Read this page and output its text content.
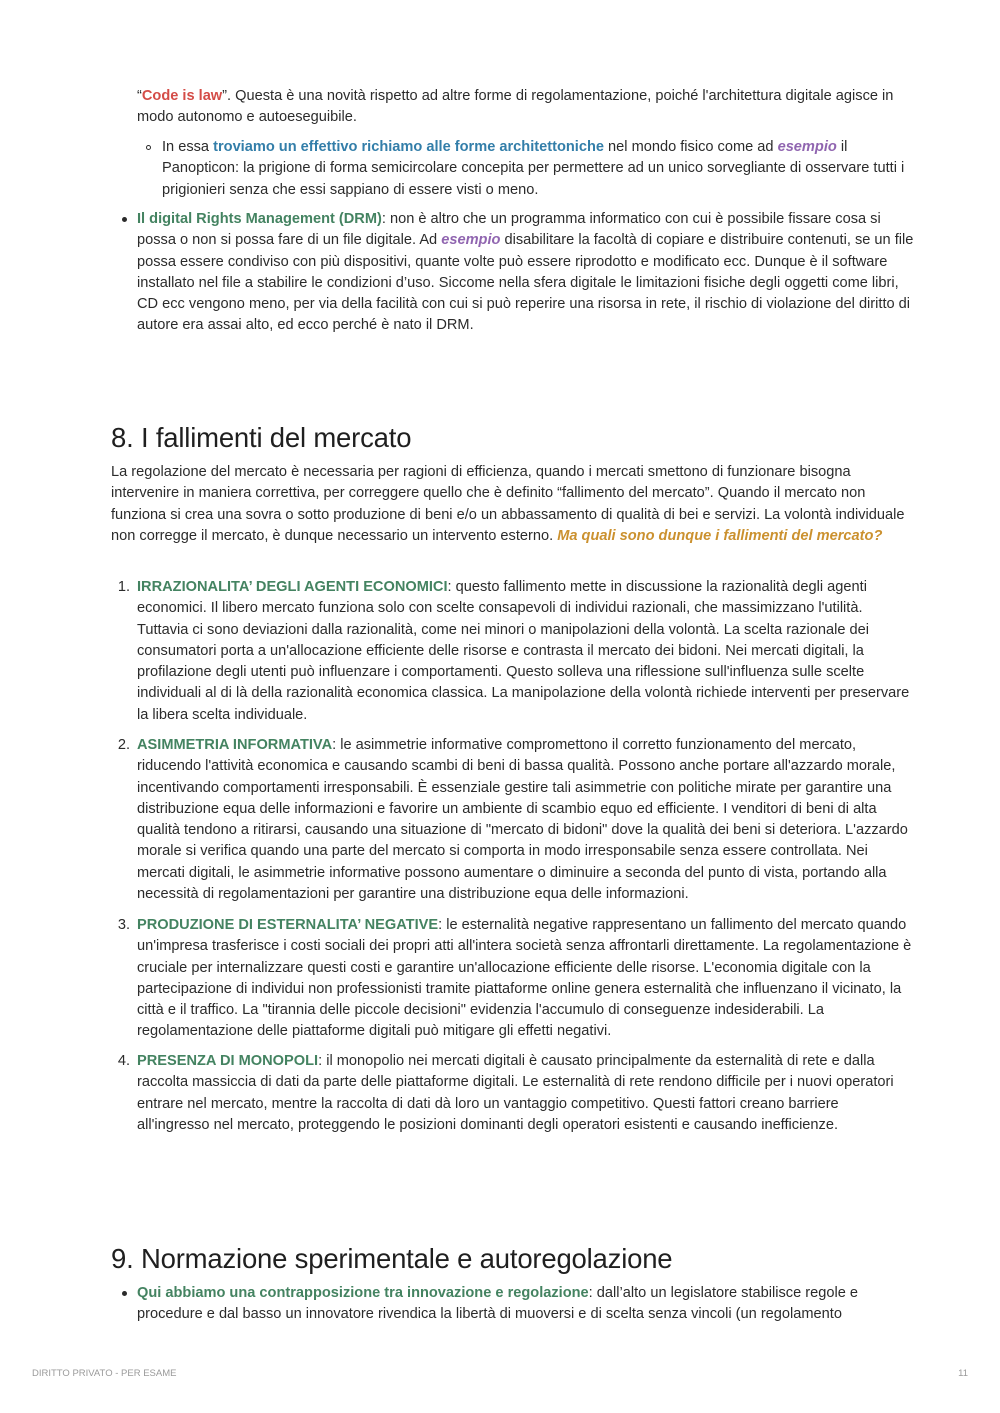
“Code is law”. Questa è una novità rispetto ad altre forme di regolamentazione, poiché l'architettura digitale agisce in modo autonomo e autoeseguibile.

In essa troviamo un effettivo richiamo alle forme architettoniche nel mondo fisico come ad esempio il Panopticon: la prigione di forma semicircolare concepita per permettere ad un unico sorvegliante di osservare tutti i prigionieri senza che essi sappiano di essere visti o meno.

Il digital Rights Management (DRM): non è altro che un programma informatico con cui è possibile fissare cosa si possa o non si possa fare di un file digitale. Ad esempio disabilitare la facoltà di copiare e distribuire contenuti, se un file possa essere condiviso con più dispositivi, quante volte può essere riprodotto e modificato ecc. Dunque è il software installato nel file a stabilire le condizioni d’uso. Siccome nella sfera digitale le limitazioni fisiche degli oggetti come libri, CD ecc vengono meno, per via della facilità con cui si può reperire una risorsa in rete, il rischio di violazione del diritto di autore era assai alto, ed ecco perché è nato il DRM.

8. I fallimenti del mercato

La regolazione del mercato è necessaria per ragioni di efficienza, quando i mercati smettono di funzionare bisogna intervenire in maniera correttiva, per correggere quello che è definito “fallimento del mercato”. Quando il mercato non funziona si crea una sovra o sotto produzione di beni e/o un abbassamento di qualità di bei e servizi. La volontà individuale non corregge il mercato, è dunque necessario un intervento esterno. Ma quali sono dunque i fallimenti del mercato?

1. IRRAZIONALITA’ DEGLI AGENTI ECONOMICI: questo fallimento mette in discussione la razionalità degli agenti economici. Il libero mercato funziona solo con scelte consapevoli di individui razionali, che massimizzano l'utilità. Tuttavia ci sono deviazioni dalla razionalità, come nei minori o manipolazioni della volontà. La scelta razionale dei consumatori porta a un'allocazione efficiente delle risorse e contrasta il mercato dei bidoni. Nei mercati digitali, la profilazione degli utenti può influenzare i comportamenti. Questo solleva una riflessione sull'influenza sulle scelte individuali al di là della razionalità economica classica. La manipolazione della volontà richiede interventi per preservare la libera scelta individuale.

2. ASIMMETRIA INFORMATIVA: le asimmetrie informative compromettono il corretto funzionamento del mercato, riducendo l'attività economica e causando scambi di beni di bassa qualità. Possono anche portare all'azzardo morale, incentivando comportamenti irresponsabili. È essenziale gestire tali asimmetrie con politiche mirate per garantire una distribuzione equa delle informazioni e favorire un ambiente di scambio equo ed efficiente. I venditori di beni di alta qualità tendono a ritirarsi, causando una situazione di "mercato di bidoni" dove la qualità dei beni si deteriora. L'azzardo morale si verifica quando una parte del mercato si comporta in modo irresponsabile senza essere controllata. Nei mercati digitali, le asimmetrie informative possono aumentare o diminuire a seconda del punto di vista, portando alla necessità di regolamentazioni per garantire una distribuzione equa delle informazioni.

3. PRODUZIONE DI ESTERNALITA’ NEGATIVE: le esternalità negative rappresentano un fallimento del mercato quando un'impresa trasferisce i costi sociali dei propri atti all'intera società senza affrontarli direttamente. La regolamentazione è cruciale per internalizzare questi costi e garantire un'allocazione efficiente delle risorse. L'economia digitale con la partecipazione di individui non professionisti tramite piattaforme online genera esternalità che influenzano il vicinato, la città e il traffico. La "tirannia delle piccole decisioni" evidenzia l'accumulo di conseguenze indesiderabili. La regolamentazione delle piattaforme digitali può mitigare gli effetti negativi.

4. PRESENZA DI MONOPOLI: il monopolio nei mercati digitali è causato principalmente da esternalità di rete e dalla raccolta massiccia di dati da parte delle piattaforme digitali. Le esternalità di rete rendono difficile per i nuovi operatori entrare nel mercato, mentre la raccolta di dati dà loro un vantaggio competitivo. Questi fattori creano barriere all'ingresso nel mercato, proteggendo le posizioni dominanti degli operatori esistenti e causando inefficienze.

9. Normazione sperimentale e autoregolazione

Qui abbiamo una contrapposizione tra innovazione e regolazione: dall’alto un legislatore stabilisce regole e procedure e dal basso un innovatore rivendica la libertà di muoversi e di scelta senza vincoli (un regolamento

DIRITTO PRIVATO - PER ESAME	11
